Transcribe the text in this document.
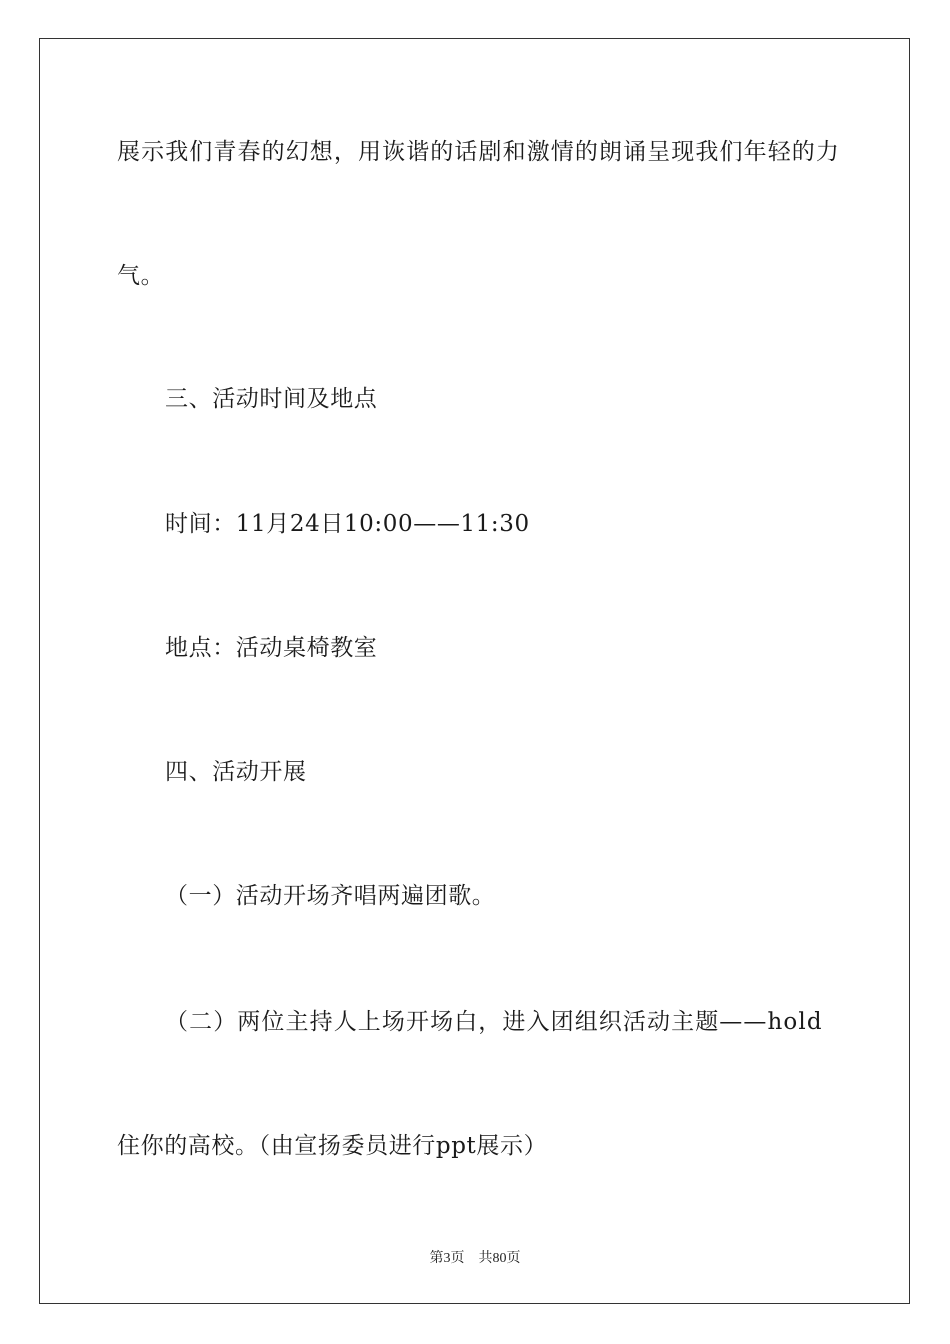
展示我们青春的幻想，用诙谐的话剧和激情的朗诵呈现我们年轻的力

气。

三、活动时间及地点

时间：11月24日10:00——11:30

地点：活动桌椅教室

四、活动开展

（一）活动开场齐唱两遍团歌。

（二）两位主持人上场开场白，进入团组织活动主题——hold

住你的高校。（由宣扬委员进行ppt展示）

第3页 共80页
